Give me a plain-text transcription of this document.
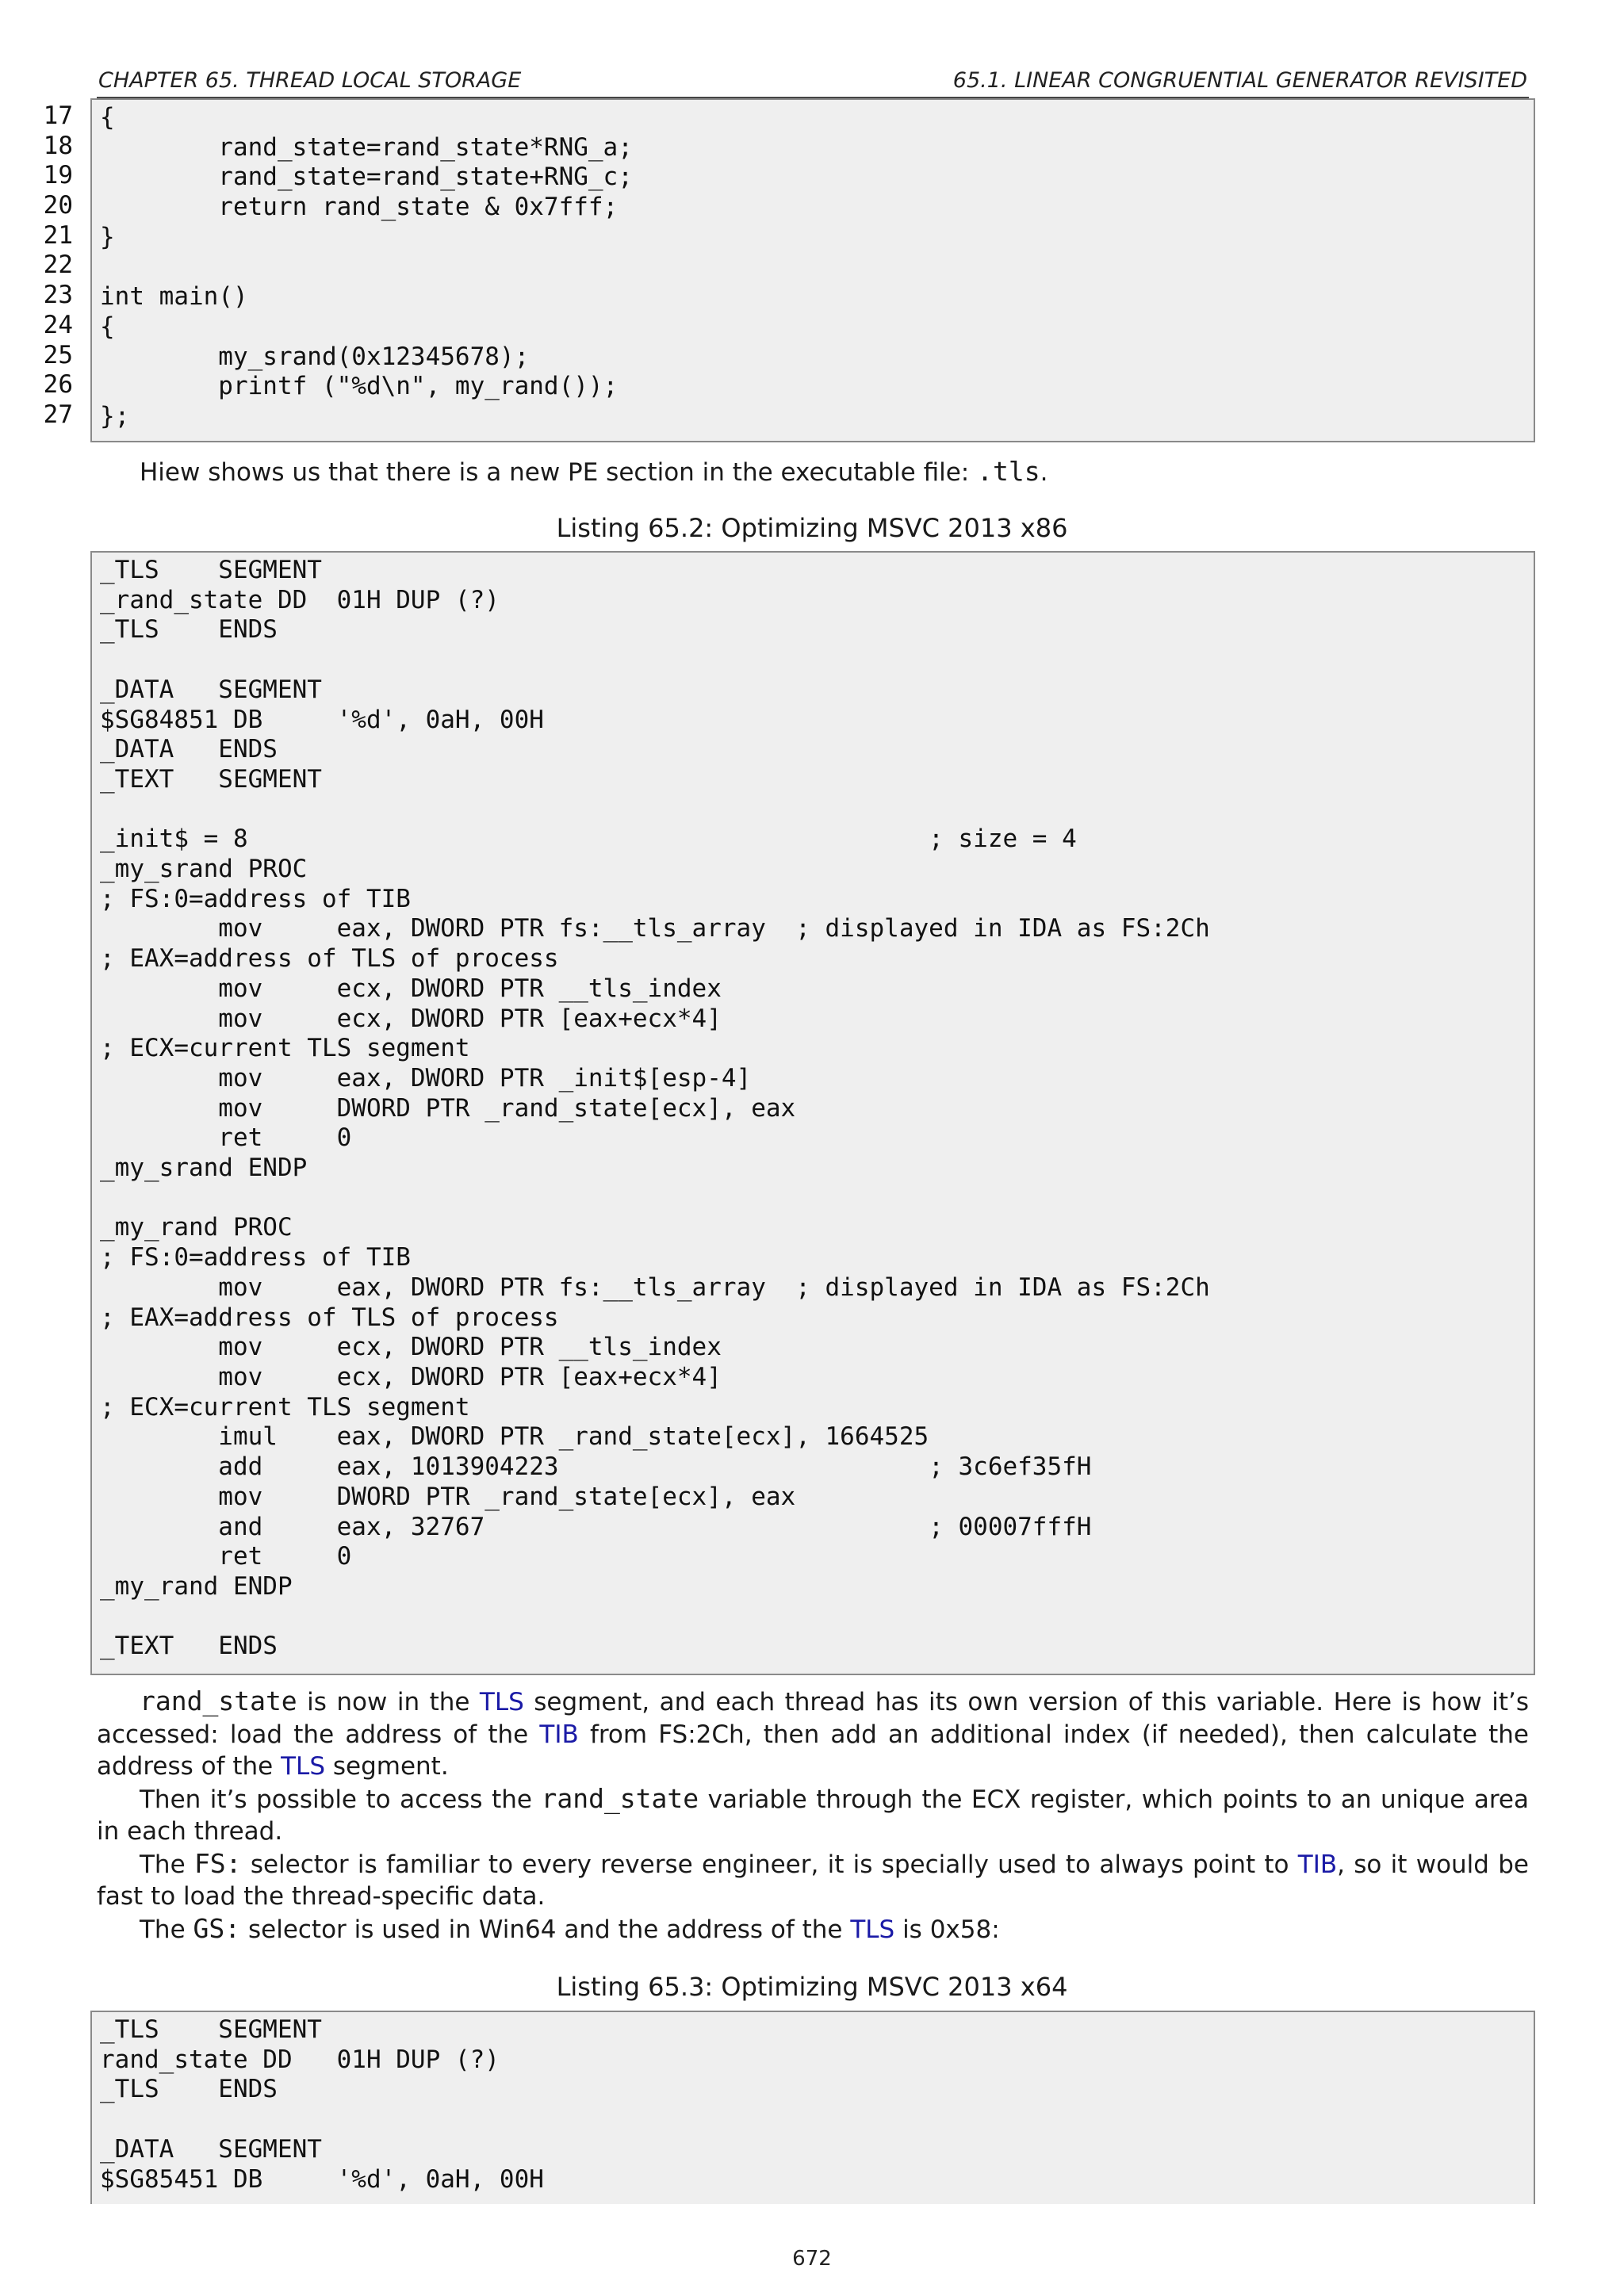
CHAPTER 65. THREAD LOCAL STORAGE	65.1. LINEAR CONGRUENTIAL GENERATOR REVISITED
17
18
19
20
21
22
23
24
25
26
27
{
rand_state=rand_state*RNG_a;
rand_state=rand_state+RNG_c;
return rand_state & 0x7fff;
}

int main()
{
my_srand(0x12345678);
printf ("%d\n", my_rand());
};

Hiew shows us that there is a new PE section in the executable file: .tls.

Listing 65.2: Optimizing MSVC 2013 x86
_TLS    SEGMENT
_rand_state DD  01H DUP (?)
_TLS    ENDS

_DATA   SEGMENT
$SG84851 DB     '%d', 0aH, 00H
_DATA   ENDS
_TEXT   SEGMENT

_init$ = 8                                              ; size = 4
_my_srand PROC
; FS:0=address of TIB
mov     eax, DWORD PTR fs:__tls_array  ; displayed in IDA as FS:2Ch
; EAX=address of TLS of process
mov     ecx, DWORD PTR __tls_index
mov     ecx, DWORD PTR [eax+ecx*4]
; ECX=current TLS segment
mov     eax, DWORD PTR _init$[esp-4]
mov     DWORD PTR _rand_state[ecx], eax
ret     0
_my_srand ENDP

_my_rand PROC
; FS:0=address of TIB
mov     eax, DWORD PTR fs:__tls_array  ; displayed in IDA as FS:2Ch
; EAX=address of TLS of process
mov     ecx, DWORD PTR __tls_index
mov     ecx, DWORD PTR [eax+ecx*4]
; ECX=current TLS segment
imul    eax, DWORD PTR _rand_state[ecx], 1664525
add     eax, 1013904223                         ; 3c6ef35fH
mov     DWORD PTR _rand_state[ecx], eax
and     eax, 32767                              ; 00007fffH
ret     0
_my_rand ENDP

_TEXT   ENDS

rand_state is now in the TLS segment, and each thread has its own version of this variable. Here is how it’s accessed: load the address of the TIB from FS:2Ch, then add an additional index (if needed), then calculate the address of the TLS segment.

Then it’s possible to access the rand_state variable through the ECX register, which points to an unique area in each thread.

The FS: selector is familiar to every reverse engineer, it is specially used to always point to TIB, so it would be fast to load the thread-specific data.

The GS: selector is used in Win64 and the address of the TLS is 0x58:

Listing 65.3: Optimizing MSVC 2013 x64
_TLS    SEGMENT
rand_state DD   01H DUP (?)
_TLS    ENDS

_DATA   SEGMENT
$SG85451 DB     '%d', 0aH, 00H
672
